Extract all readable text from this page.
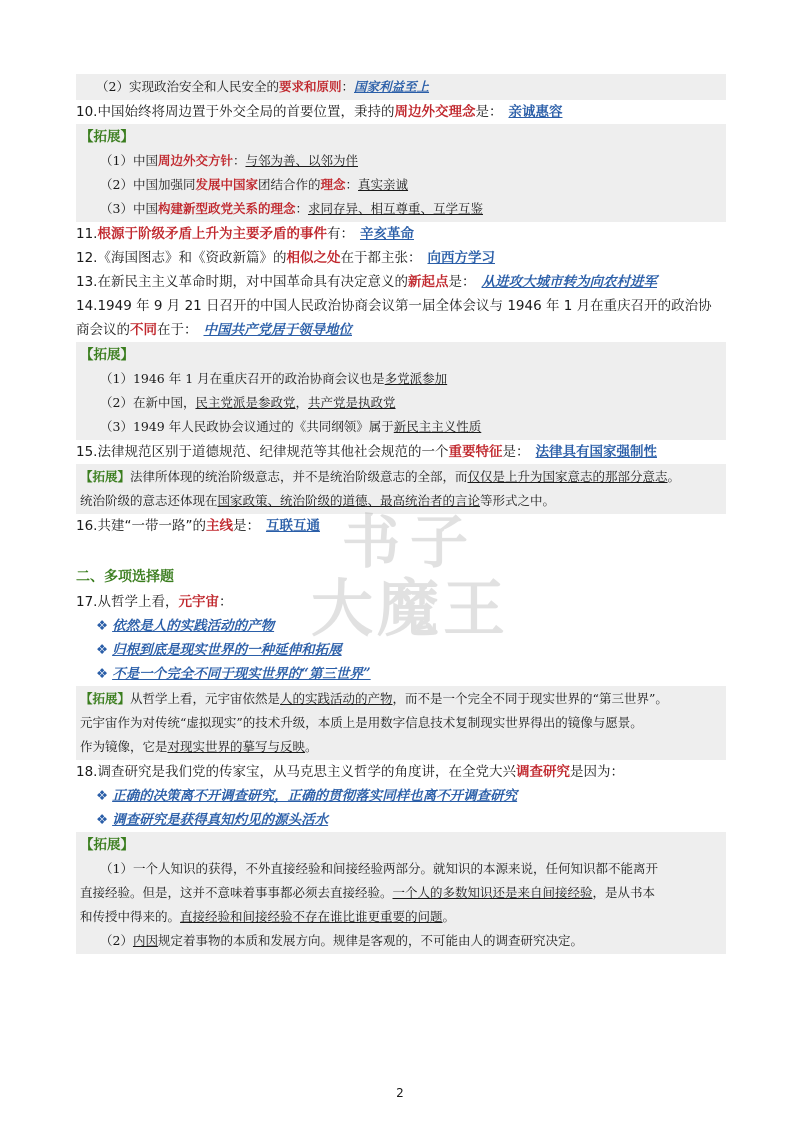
（2）实现政治安全和人民安全的要求和原则：国家利益至上
10.中国始终将周边置于外交全局的首要位置，秉持的周边外交理念是： 亲诚惠容
【拓展】
（1）中国周边外交方针：与邻为善、以邻为伴
（2）中国加强同发展中国家团结合作的理念：真实亲诚
（3）中国构建新型政党关系的理念：求同存异、相互尊重、互学互鉴
11.根源于阶级矛盾上升为主要矛盾的事件有： 辛亥革命
12.《海国图志》和《资政新篇》的相似之处在于都主张： 向西方学习
13.在新民主主义革命时期，对中国革命具有决定意义的新起点是： 从进攻大城市转为向农村进军
14.1949 年 9 月 21 日召开的中国人民政治协商会议第一届全体会议与 1946 年 1 月在重庆召开的政治协
商会议的不同在于： 中国共产党居于领导地位
【拓展】
（1）1946 年 1 月在重庆召开的政治协商会议也是多党派参加
（2）在新中国，民主党派是参政党，共产党是执政党
（3）1949 年人民政协会议通过的《共同纲领》属于新民主主义性质
15.法律规范区别于道德规范、纪律规范等其他社会规范的一个重要特征是： 法律具有国家强制性
【拓展】法律所体现的统治阶级意志，并不是统治阶级意志的全部，而仅仅是上升为国家意志的那部分意志。
统治阶级的意志还体现在国家政策、统治阶级的道德、最高统治者的言论等形式之中。
16.共建“一带一路”的主线是： 互联互通
二、多项选择题
17.从哲学上看，元宇宙：
❖ 依然是人的实践活动的产物
❖ 归根到底是现实世界的一种延伸和拓展
❖ 不是一个完全不同于现实世界的“第三世界”
【拓展】从哲学上看，元宇宙依然是人的实践活动的产物，而不是一个完全不同于现实世界的“第三世界”。
元宇宙作为对传统“虚拟现实”的技术升级，本质上是用数字信息技术复制现实世界得出的镜像与愿景。
作为镜像，它是对现实世界的摹写与反映。
18.调查研究是我们党的传家宝，从马克思主义哲学的角度讲，在全党大兴调查研究是因为：
❖ 正确的决策离不开调查研究，正确的贯彻落实同样也离不开调查研究
❖ 调查研究是获得真知灼见的源头活水
【拓展】
（1）一个人知识的获得，不外直接经验和间接经验两部分。就知识的本源来说，任何知识都不能离开
直接经验。但是，这并不意味着事事都必须去直接经验。一个人的多数知识还是来自间接经验，是从书本
和传授中得来的。直接经验和间接经验不存在谁比谁更重要的问题。
（2）内因规定着事物的本质和发展方向。规律是客观的，不可能由人的调查研究决定。
书子
大魔王
2
